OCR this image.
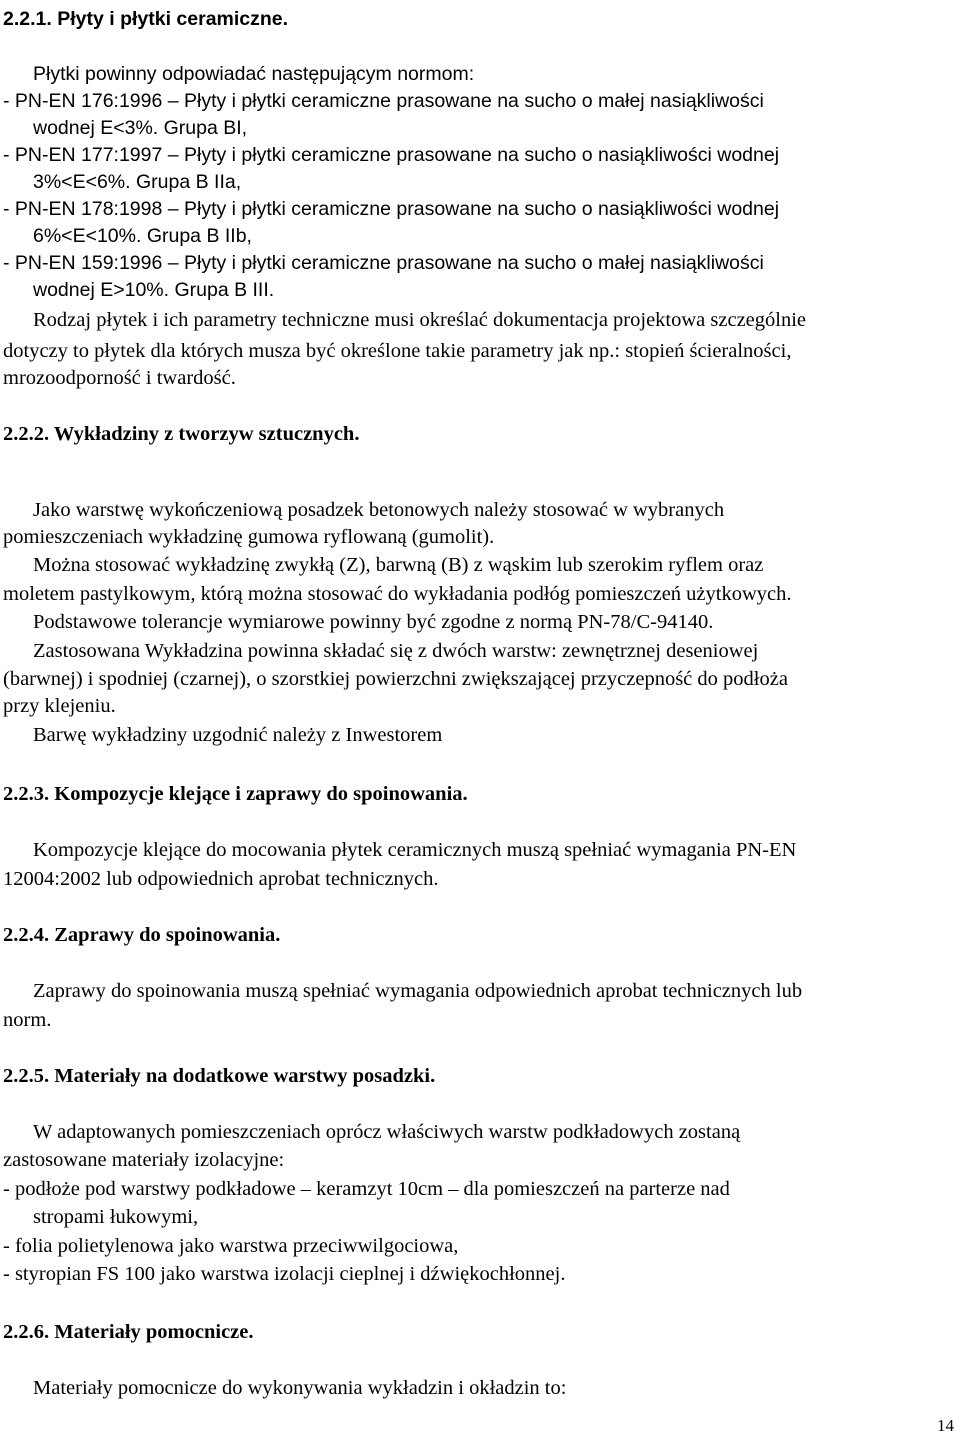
2.2.1. Płyty i płytki ceramiczne.
Płytki powinny odpowiadać następującym normom:
- PN-EN 176:1996 – Płyty i płytki ceramiczne prasowane na sucho o małej nasiąkliwości
wodnej E<3%. Grupa BI,
- PN-EN 177:1997 – Płyty i płytki ceramiczne prasowane na sucho o nasiąkliwości wodnej
3%<E<6%. Grupa B IIa,
- PN-EN 178:1998 – Płyty i płytki ceramiczne prasowane na sucho o nasiąkliwości wodnej
6%<E<10%. Grupa B IIb,
- PN-EN 159:1996 – Płyty i płytki ceramiczne prasowane na sucho o małej nasiąkliwości
wodnej E>10%. Grupa B III.
Rodzaj płytek i ich parametry techniczne musi określać dokumentacja projektowa szczególnie
dotyczy to płytek dla których musza być określone takie parametry jak np.: stopień ścieralności,
mrozoodporność i twardość.
2.2.2. Wykładziny z tworzyw sztucznych.
Jako warstwę wykończeniową posadzek betonowych należy stosować w wybranych
pomieszczeniach wykładzinę gumowa ryflowaną (gumolit).
Można stosować wykładzinę zwykłą (Z), barwną (B) z wąskim lub szerokim ryflem oraz
moletem pastylkowym, którą można stosować do wykładania podłóg pomieszczeń użytkowych.
Podstawowe tolerancje wymiarowe powinny być zgodne z normą PN-78/C-94140.
Zastosowana Wykładzina powinna składać się z dwóch warstw: zewnętrznej deseniowej
(barwnej) i spodniej (czarnej), o szorstkiej powierzchni zwiększającej przyczepność do podłoża
przy klejeniu.
Barwę wykładziny uzgodnić należy z Inwestorem
2.2.3. Kompozycje klejące i zaprawy do spoinowania.
Kompozycje klejące do mocowania płytek ceramicznych muszą spełniać wymagania PN-EN
12004:2002 lub odpowiednich aprobat technicznych.
2.2.4. Zaprawy do spoinowania.
Zaprawy do spoinowania muszą spełniać wymagania odpowiednich aprobat technicznych lub
norm.
2.2.5. Materiały na dodatkowe warstwy posadzki.
W adaptowanych pomieszczeniach oprócz właściwych warstw podkładowych zostaną
zastosowane materiały izolacyjne:
- podłoże pod warstwy podkładowe – keramzyt 10cm – dla pomieszczeń na parterze nad
stropami łukowymi,
- folia polietylenowa jako warstwa przeciwwilgociowa,
- styropian FS 100 jako warstwa izolacji cieplnej i dźwiękochłonnej.
2.2.6. Materiały pomocnicze.
Materiały pomocnicze do wykonywania wykładzin i okładzin to:
14
